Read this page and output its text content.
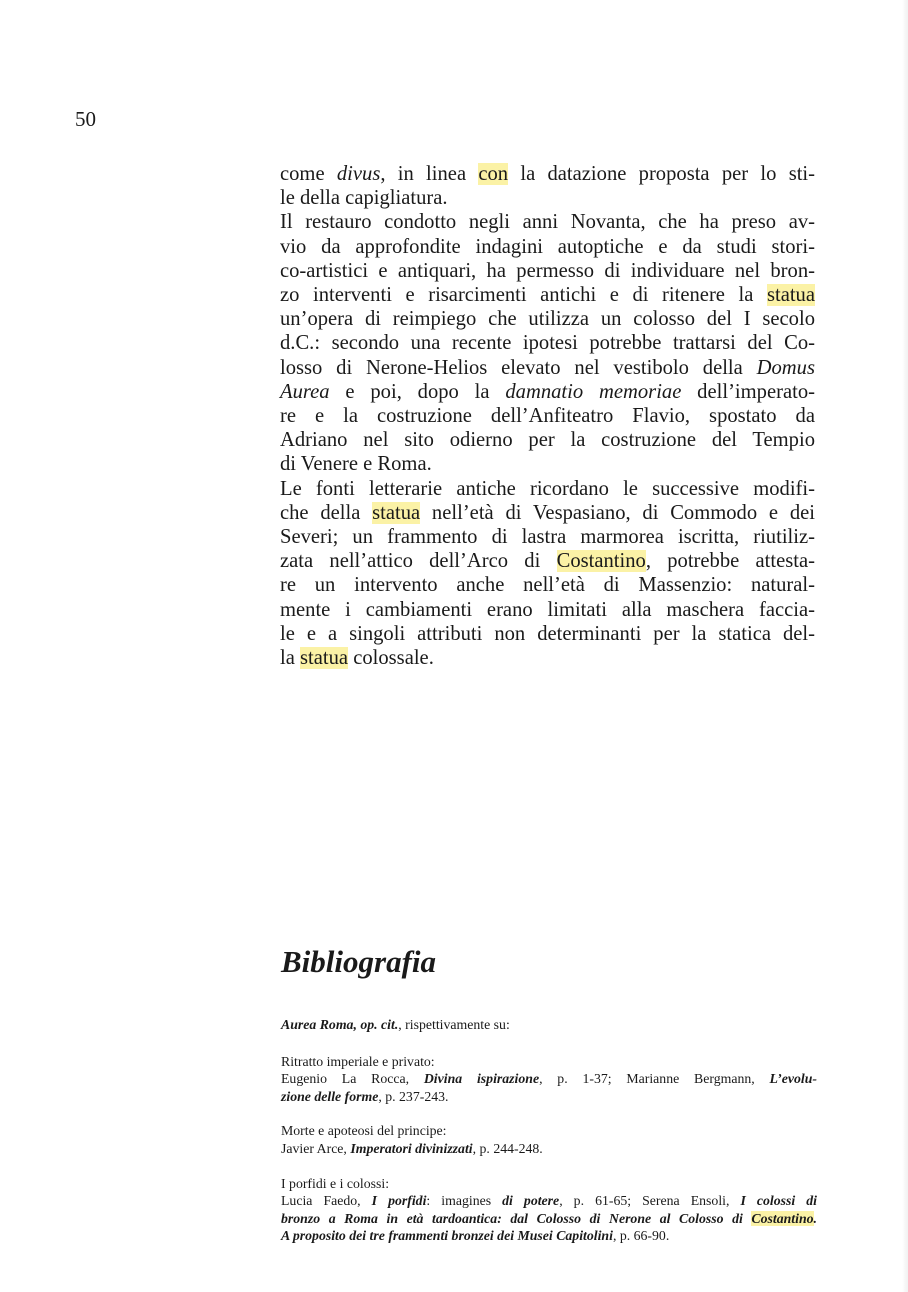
50
come divus, in linea con la datazione proposta per lo sti-
le della capigliatura.
Il restauro condotto negli anni Novanta, che ha preso av-
vio da approfondite indagini autoptiche e da studi stori-
co-artistici e antiquari, ha permesso di individuare nel bron-
zo interventi e risarcimenti antichi e di ritenere la statua
un’opera di reimpiego che utilizza un colosso del I secolo
d.C.: secondo una recente ipotesi potrebbe trattarsi del Co-
losso di Nerone-Helios elevato nel vestibolo della Domus
Aurea e poi, dopo la damnatio memoriae dell’imperato-
re e la costruzione dell’Anfiteatro Flavio, spostato da
Adriano nel sito odierno per la costruzione del Tempio
di Venere e Roma.
Le fonti letterarie antiche ricordano le successive modifi-
che della statua nell’età di Vespasiano, di Commodo e dei
Severi; un frammento di lastra marmorea iscritta, riutiliz-
zata nell’attico dell’Arco di Costantino, potrebbe attesta-
re un intervento anche nell’età di Massenzio: natural-
mente i cambiamenti erano limitati alla maschera faccia-
le e a singoli attributi non determinanti per la statica del-
la statua colossale.
Bibliografia
Aurea Roma, op. cit., rispettivamente su:
Ritratto imperiale e privato:
Eugenio La Rocca, Divina ispirazione, p. 1-37; Marianne Bergmann, L’evolu-
zione delle forme, p. 237-243.
Morte e apoteosi del principe:
Javier Arce, Imperatori divinizzati, p. 244-248.
I porfidi e i colossi:
Lucia Faedo, I porfidi: imagines di potere, p. 61-65; Serena Ensoli, I colossi di
bronzo a Roma in età tardoantica: dal Colosso di Nerone al Colosso di Costantino.
A proposito dei tre frammenti bronzei dei Musei Capitolini, p. 66-90.
